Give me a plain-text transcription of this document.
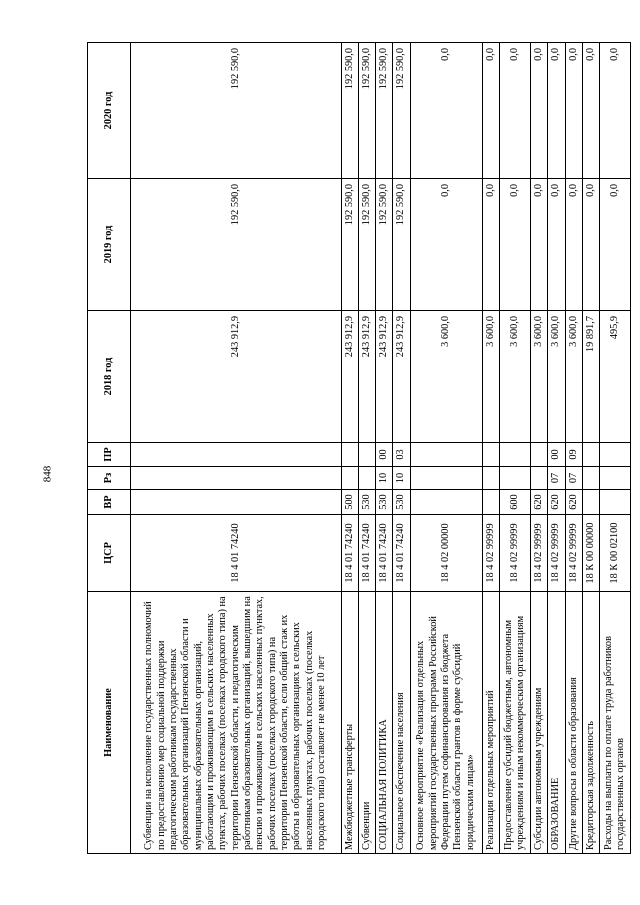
848
Наименование	ЦСР	ВР	Рз	ПР	2018 год	2019 год	2020 год
Субвенции на исполнение государственных полномочий по предоставлению мер социальной поддержки педагогическим работникам государственных образовательных организаций Пензенской области и муниципальных образовательных организаций, работающим и проживающим в сельских населенных пунктах, рабочих поселках (поселках городского типа) на территории Пензенской области, и педагогическим работникам образовательных организаций, вышедшим на пенсию и проживающим в сельских населенных пунктах, рабочих поселках (поселках городского типа) на территории Пензенской области, если общий стаж их работы в образовательных организациях в сельских населенных пунктах, рабочих поселках (поселках городского типа) составляет не менее 10 лет	18 4 01 74240				243 912,9	192 590,0	192 590,0
Межбюджетные трансферты	18 4 01 74240	500			243 912,9	192 590,0	192 590,0
Субвенции	18 4 01 74240	530			243 912,9	192 590,0	192 590,0
СОЦИАЛЬНАЯ ПОЛИТИКА	18 4 01 74240	530	10	00	243 912,9	192 590,0	192 590,0
Социальное обеспечение населения	18 4 01 74240	530	10	03	243 912,9	192 590,0	192 590,0
Основное мероприятие «Реализация отдельных мероприятий государственных программ Российской Федерации путем софинансирования из бюджета Пензенской области грантов в форме субсидий юридическим лицам»	18 4 02 00000				3 600,0	0,0	0,0
Реализация отдельных мероприятий	18 4 02 99999				3 600,0	0,0	0,0
Предоставление субсидий бюджетным, автономным учреждениям и иным некоммерческим организациям	18 4 02 99999	600			3 600,0	0,0	0,0
Субсидии автономным учреждениям	18 4 02 99999	620			3 600,0	0,0	0,0
ОБРАЗОВАНИЕ	18 4 02 99999	620	07	00	3 600,0	0,0	0,0
Другие вопросы в области образования	18 4 02 99999	620	07	09	3 600,0	0,0	0,0
Кредиторская задолженность	18 К 00 00000				19 891,7	0,0	0,0
Расходы на выплаты по оплате труда работников государственных органов	18 К 00 02100				495,9	0,0	0,0
